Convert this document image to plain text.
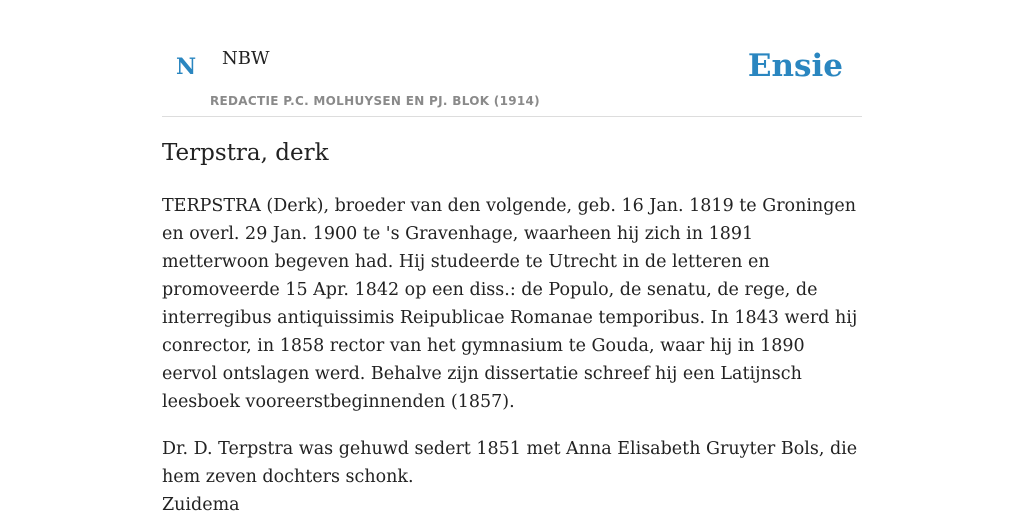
N NBW
REDACTIE P.C. MOLHUYSEN EN PJ. BLOK (1914)
Ensie
Terpstra, derk

TERPSTRA (Derk), broeder van den volgende, geb. 16 Jan. 1819 te Groningen en overl. 29 Jan. 1900 te 's Gravenhage, waarheen hij zich in 1891 metterwoon begeven had. Hij studeerde te Utrecht in de letteren en promoveerde 15 Apr. 1842 op een diss.: de Populo, de senatu, de rege, de interregibus antiquissimis Reipublicae Romanae temporibus. In 1843 werd hij conrector, in 1858 rector van het gymnasium te Gouda, waar hij in 1890 eervol ontslagen werd. Behalve zijn dissertatie schreef hij een Latijnsch leesboek vooreerstbeginnenden (1857).

Dr. D. Terpstra was gehuwd sedert 1851 met Anna Elisabeth Gruyter Bols, die hem zeven dochters schonk.

Zuidema
